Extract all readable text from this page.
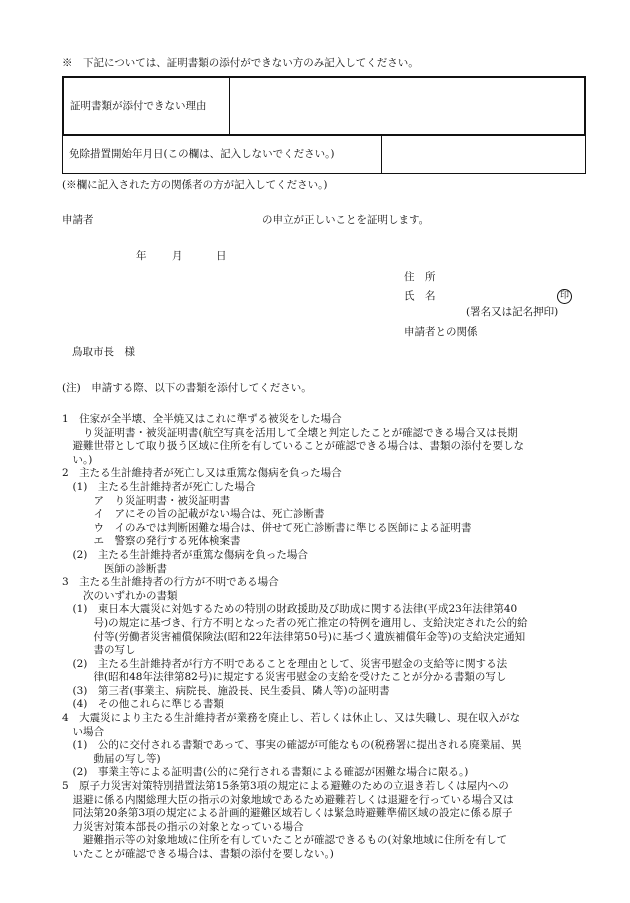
※　下記については、証明書類の添付ができない方のみ記入してください。
証明書類が添付できない理由
免除措置開始年月日(この欄は、記入しないでください。)
(※欄に記入された方の関係者の方が記入してください。)
申請者	の申立が正しいことを証明します。
年 月	日
住　所
氏　名	印
(署名又は記名押印)
申請者との関係
鳥取市長　様
(注)　申請する際、以下の書類を添付してください。
1　住家が全半壊、全半焼又はこれに準ずる被災をした場合
　　り災証明書・被災証明書(航空写真を活用して全壊と判定したことが確認できる場合又は長期
　避難世帯として取り扱う区域に住所を有していることが確認できる場合は、書類の添付を要しな
　い。)
2　主たる生計維持者が死亡し又は重篤な傷病を負った場合
　(1)　主たる生計維持者が死亡した場合
　　　ア　り災証明書・被災証明書
　　　イ　アにその旨の記載がない場合は、死亡診断書
　　　ウ　イのみでは判断困難な場合は、併せて死亡診断書に準じる医師による証明書
　　　エ　警察の発行する死体検案書
　(2)　主たる生計維持者が重篤な傷病を負った場合
　　　　医師の診断書
3　主たる生計維持者の行方が不明である場合
　　次のいずれかの書類
　(1)　東日本大震災に対処するための特別の財政援助及び助成に関する法律(平成23年法律第40
　　　号)の規定に基づき、行方不明となった者の死亡推定の特例を適用し、支給決定された公的給
　　　付等(労働者災害補償保険法(昭和22年法律第50号)に基づく遺族補償年金等)の支給決定通知
　　　書の写し
　(2)　主たる生計維持者が行方不明であることを理由として、災害弔慰金の支給等に関する法
　　　律(昭和48年法律第82号)に規定する災害弔慰金の支給を受けたことが分かる書類の写し
　(3)　第三者(事業主、病院長、施設長、民生委員、隣人等)の証明書
　(4)　その他これらに準じる書類
4　大震災により主たる生計維持者が業務を廃止し、若しくは休止し、又は失職し、現在収入がな
　い場合
　(1)　公的に交付される書類であって、事実の確認が可能なもの(税務署に提出される廃業届、異
　　　動届の写し等)
　(2)　事業主等による証明書(公的に発行される書類による確認が困難な場合に限る。)
5　原子力災害対策特別措置法第15条第3項の規定による避難のための立退き若しくは屋内への
　退避に係る内閣総理大臣の指示の対象地域であるため避難若しくは退避を行っている場合又は
　同法第20条第3項の規定による計画的避難区域若しくは緊急時避難準備区域の設定に係る原子
　力災害対策本部長の指示の対象となっている場合
　　避難指示等の対象地域に住所を有していたことが確認できるもの(対象地域に住所を有して
　いたことが確認できる場合は、書類の添付を要しない。)
